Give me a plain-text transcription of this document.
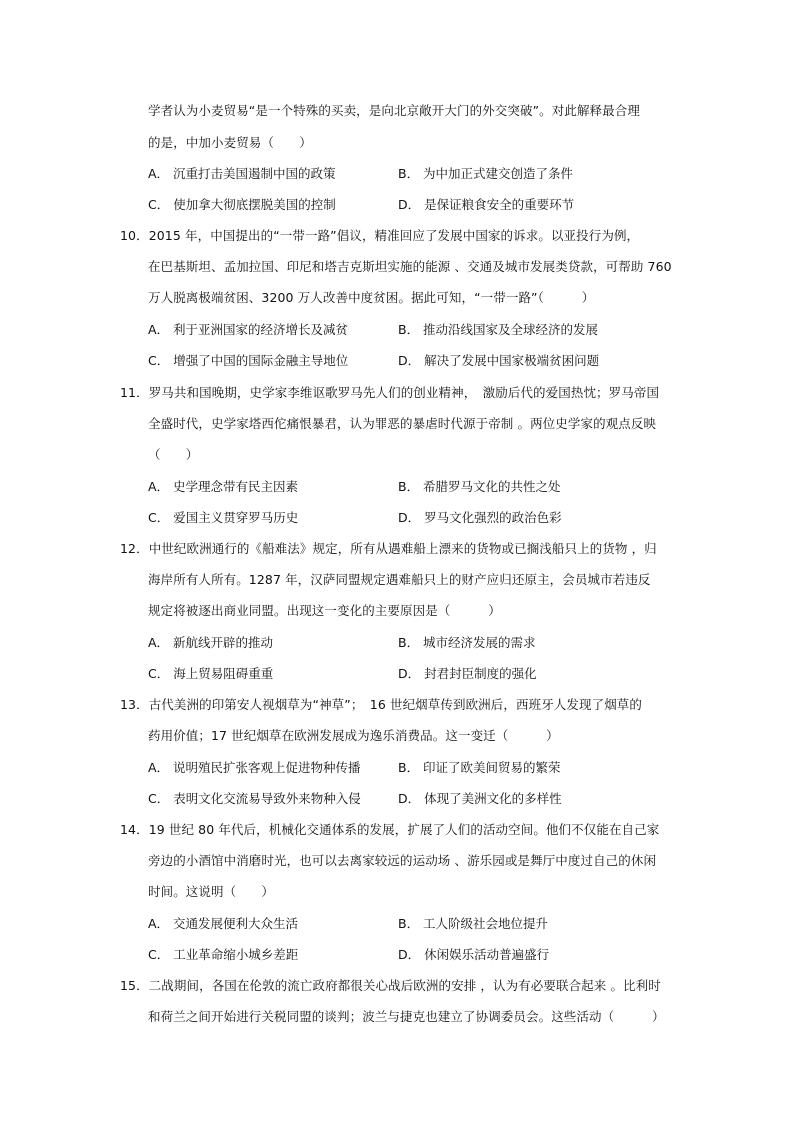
学者认为小麦贸易“是一个特殊的买卖，是向北京敞开大门的外交突破”。对此解释最合理
的是，中加小麦贸易（　　）
A． 沉重打击美国遏制中国的政策	B． 为中加正式建交创造了条件
C． 使加拿大彻底摆脱美国的控制	D． 是保证粮食安全的重要环节
10．2015 年，中国提出的“一带一路”倡议，精准回应了发展中国家的诉求。以亚投行为例，
在巴基斯坦、孟加拉国、印尼和塔吉克斯坦实施的能源 、交通及城市发展类贷款，可帮助 760
万人脱离极端贫困、3200 万人改善中度贫困。据此可知，“一带一路”（　　　）
A． 利于亚洲国家的经济增长及减贫	B． 推动沿线国家及全球经济的发展
C． 增强了中国的国际金融主导地位	D． 解决了发展中国家极端贫困问题
11．罗马共和国晚期，史学家李维讴歌罗马先人们的创业精神，　激励后代的爱国热忱；罗马帝国
全盛时代，史学家塔西佗痛恨暴君，认为罪恶的暴虐时代源于帝制 。两位史学家的观点反映
（　　）
A． 史学理念带有民主因素	B． 希腊罗马文化的共性之处
C． 爱国主义贯穿罗马历史	D． 罗马文化强烈的政治色彩
12．中世纪欧洲通行的《船难法》规定，所有从遇难船上漂来的货物或已搁浅船只上的货物 ，归
海岸所有人所有。1287 年，汉萨同盟规定遇难船只上的财产应归还原主，会员城市若违反
规定将被逐出商业同盟。出现这一变化的主要原因是（　　　）
A． 新航线开辟的推动	B． 城市经济发展的需求
C． 海上贸易阻碍重重	D． 封君封臣制度的强化
13．古代美洲的印第安人视烟草为“神草”；　16 世纪烟草传到欧洲后，西班牙人发现了烟草的
药用价值；17 世纪烟草在欧洲发展成为逸乐消费品。这一变迁（　　　）
A． 说明殖民扩张客观上促进物种传播	B． 印证了欧美间贸易的繁荣
C． 表明文化交流易导致外来物种入侵	D． 体现了美洲文化的多样性
14．19 世纪 80 年代后，机械化交通体系的发展，扩展了人们的活动空间。他们不仅能在自己家
旁边的小酒馆中消磨时光，也可以去离家较远的运动场 、游乐园或是舞厅中度过自己的休闲
时间。这说明（　　）
A． 交通发展便利大众生活	B． 工人阶级社会地位提升
C． 工业革命缩小城乡差距	D． 休闲娱乐活动普遍盛行
15．二战期间，各国在伦敦的流亡政府都很关心战后欧洲的安排 ，认为有必要联合起来 。比利时
和荷兰之间开始进行关税同盟的谈判；波兰与捷克也建立了协调委员会。这些活动（　　　）
